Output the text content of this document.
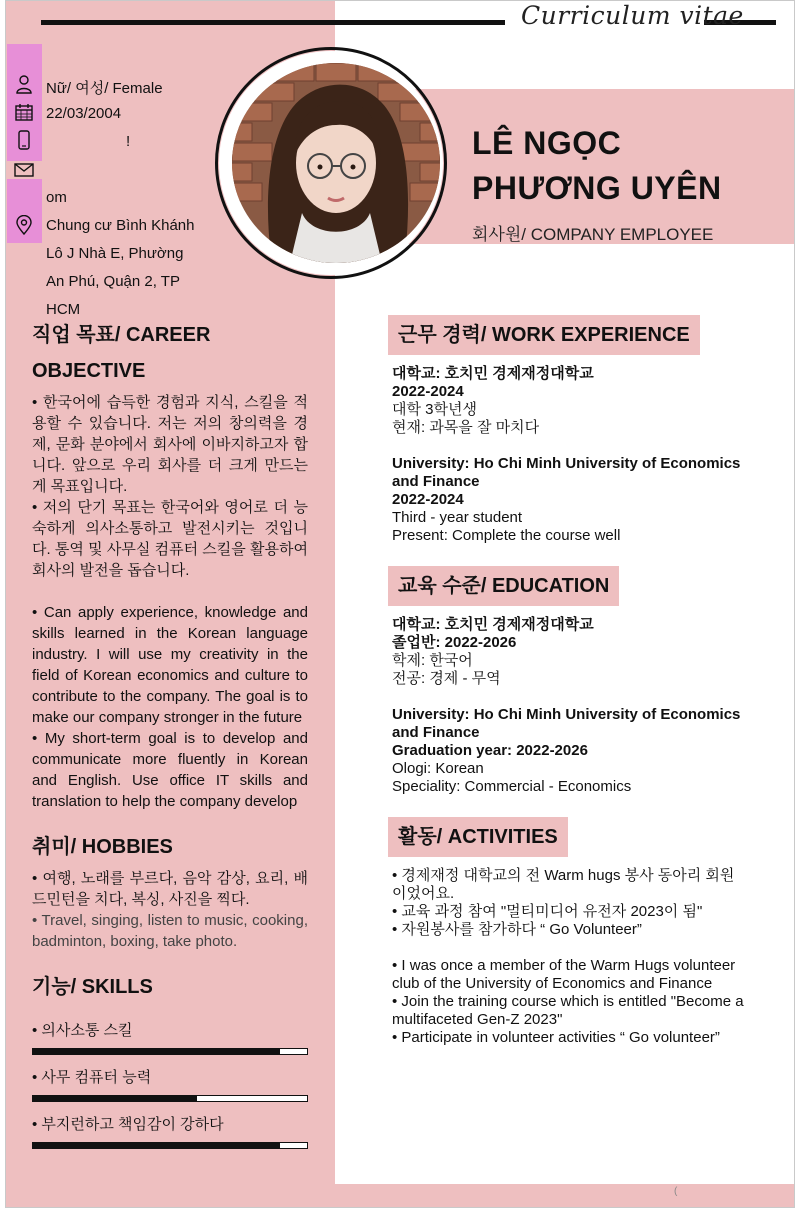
(
Curriculum vitae
Nữ/ 여성/ Female
22/03/2004
!
om
Chung cư Bình Khánh
Lô J Nhà E, Phường
An Phú, Quận 2, TP
HCM
LÊ NGỌC
PHƯƠNG UYÊN
회사원/ COMPANY EMPLOYEE
직업 목표/ CAREER
OBJECTIVE
• 한국어에 습득한 경험과 지식, 스킬을 적용할 수 있습니다. 저는 저의 창의력을 경제, 문화 분야에서 회사에 이바지하고자 합니다. 앞으로 우리 회사를 더 크게 만드는 게 목표입니다.
• 저의 단기 목표는 한국어와 영어로 더 능숙하게 의사소통하고 발전시키는 것입니다. 통역 및 사무실 컴퓨터 스킬을 활용하여 회사의 발전을 돕습니다.
• Can apply experience, knowledge and skills learned in the Korean language industry. I will use my creativity in the field of Korean economics and culture to contribute to the company. The goal is to make our company stronger in the future
• My short-term goal is to develop and communicate more fluently in Korean and English. Use office IT skills and translation to help the company develop
취미/ HOBBIES
• 여행, 노래를 부르다, 음악 감상, 요리, 배드민턴을 치다, 복싱, 사진을 찍다.
• Travel, singing, listen to music, cooking, badminton, boxing, take photo.
기능/ SKILLS
• 의사소통 스킬
• 사무 컴퓨터 능력
• 부지런하고 책임감이 강하다
근무 경력/ WORK EXPERIENCE
대학교: 호치민 경제재정대학교
2022-2024
대학 3학년생
현재: 과목을 잘 마치다
University: Ho Chi Minh University of Economics
and Finance
2022-2024
Third - year student
Present: Complete the course well
교육 수준/ EDUCATION
대학교: 호치민 경제재정대학교
졸업반: 2022-2026
학제: 한국어
전공: 경제 - 무역
University: Ho Chi Minh University of Economics
and Finance
Graduation year: 2022-2026
Ologi: Korean
Speciality: Commercial - Economics
활동/ ACTIVITIES
• 경제재정 대학교의 전 Warm hugs 봉사 동아리 회원
이었어요.
• 교육 과정 참여 "멀티미디어 유전자 2023이 됨"
• 자원봉사를 참가하다 “ Go Volunteer”
• I was once a member of the Warm Hugs volunteer
club of the University of Economics and Finance
• Join the training course which is entitled "Become a
multifaceted Gen-Z 2023"
• Participate in volunteer activities “ Go volunteer”
